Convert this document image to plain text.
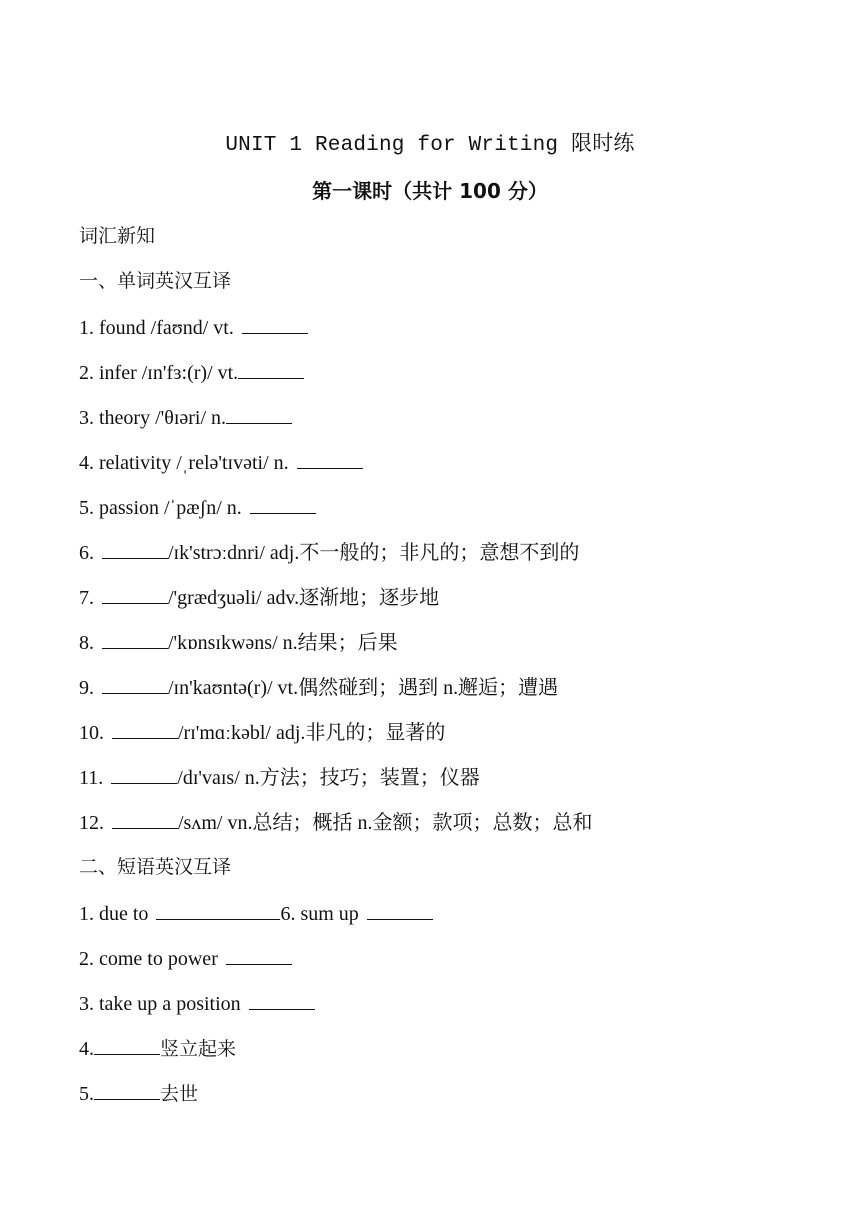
UNIT 1 Reading for Writing 限时练
第一课时（共计 100 分）
词汇新知
一、单词英汉互译
1. found /faʊnd/ vt.
2. infer /ɪn'fɜ:(r)/ vt.
3. theory /'θɪəri/ n.
4. relativity /ˌrelə'tɪvəti/ n.
5. passion /ˈpæʃn/ n.
6.	/ɪk'strɔːdnri/ adj.不一般的；非凡的；意想不到的
7.	/'grædʒuəli/ adv.逐渐地；逐步地
8.	/'kɒnsɪkwəns/ n.结果；后果
9.	/ɪn'kaʊntə(r)/ vt.偶然碰到；遇到 n.邂逅；遭遇
10.	/rɪ'mɑːkəbl/ adj.非凡的；显著的
11.	/dɪ'vaɪs/ n.方法；技巧；装置；仪器
12.	/sʌm/ vn.总结；概括 n.金额；款项；总数；总和
二、短语英汉互译
1. due to	6. sum up
2. come to power
3. take up a position
4.	竖立起来
5.	去世
